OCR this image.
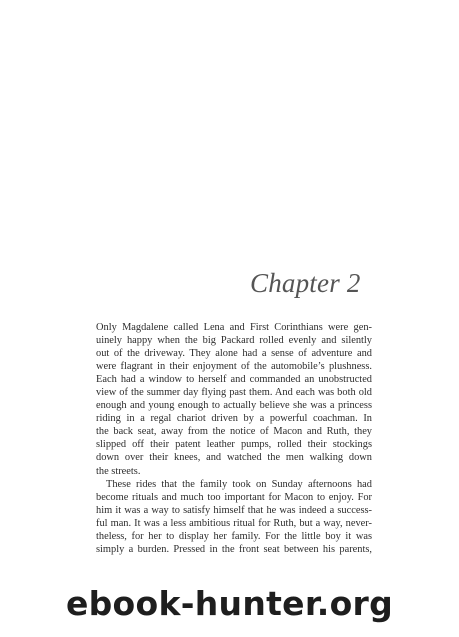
Chapter 2
Only Magdalene called Lena and First Corinthians were gen-
uinely happy when the big Packard rolled evenly and silently
out of the driveway. They alone had a sense of adventure and
were flagrant in their enjoyment of the automobile’s plushness.
Each had a window to herself and commanded an unobstructed
view of the summer day flying past them. And each was both old
enough and young enough to actually believe she was a princess
riding in a regal chariot driven by a powerful coachman. In
the back seat, away from the notice of Macon and Ruth, they
slipped off their patent leather pumps, rolled their stockings
down over their knees, and watched the men walking down
the streets.
These rides that the family took on Sunday afternoons had
become rituals and much too important for Macon to enjoy. For
him it was a way to satisfy himself that he was indeed a success-
ful man. It was a less ambitious ritual for Ruth, but a way, never-
theless, for her to display her family. For the little boy it was
simply a burden. Pressed in the front seat between his parents,
ebook-hunter.org
